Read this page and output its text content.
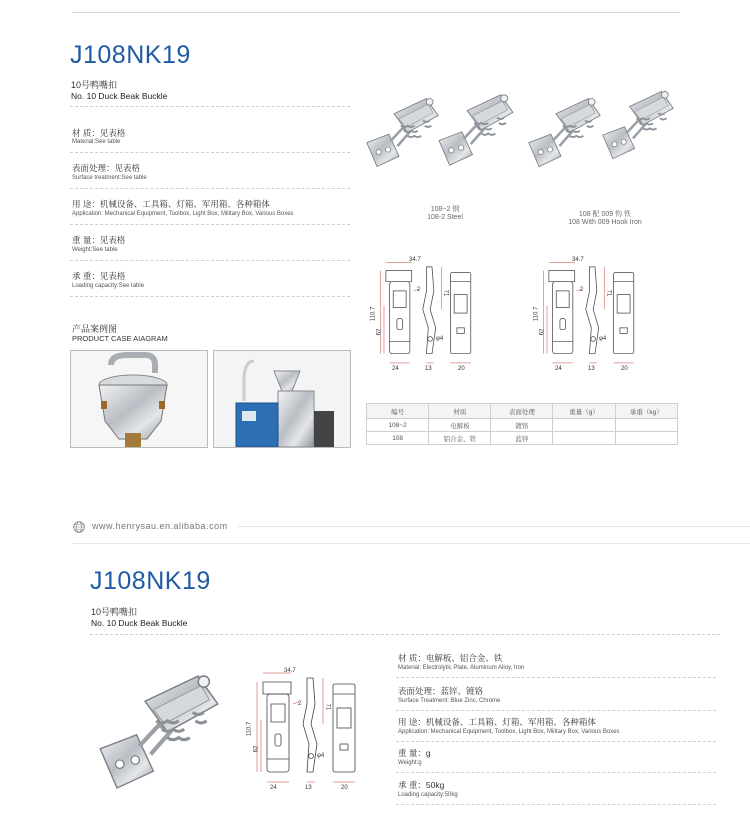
J108NK19
10号鸭嘴扣
No. 10 Duck Beak Buckle
材 质：见表格
Material:See table
表面处理：见表格
Surface treatment:See table
用 途：机械设备、工具箱、灯箱、军用箱、各种箱体
Application: Mechanical Equipment, Toolbox, Light Box, Military Box, Various Boxes
重 量：见表格
Weight:See table
承 重：见表格
Loading capacity:See table
产品案例图
PRODUCT CASE AIAGRAM
108~2 钢
108-2 Steel	108 配 009 钩 铁
108 With 009 Hook Iron
34.7
2
110.7
62
71
φ4
24	13	20
34.7
2
110.7
62
71
φ4
24	13	20
编号	材质	表面处理	重量（g）	承重（kg）
108~2	电解板	镀铬		
108	铝合金、铁	蓝锌		
www.henrysau.en.alibaba.com
J108NK19
10号鸭嘴扣
No. 10 Duck Beak Buckle
34.7
2
110.7
62
71
φ4
24	13	20
材 质：电解板、铝合金、铁
Material: Electrolytic Plate, Aluminum Alloy, Iron
表面处理：蓝锌、镀铬
Surface Treatment: Blue Zinc, Chrome
用 途：机械设备、工具箱、灯箱、军用箱、各种箱体
Application: Mechanical Equipment, Toolbox, Light Box, Military Box, Various Boxes
重 量：g
Weight:g
承 重：50kg
Loading capacity:50kg
